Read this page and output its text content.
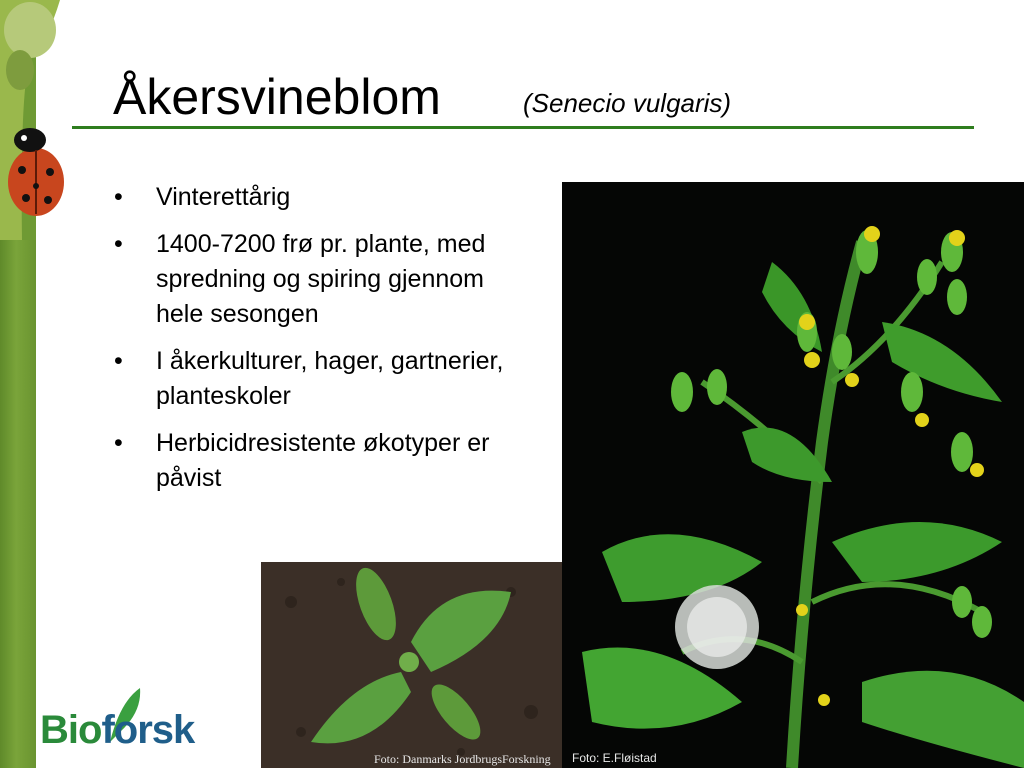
Åkersvineblom	(Senecio vulgaris)
• Vinterettårig
• 1400-7200 frø pr. plante, med spredning og spiring gjennom hele sesongen
• I åkerkulturer, hager, gartnerier, planteskoler
• Herbicidresistente økotyper er påvist
Foto: Danmarks JordbrugsForskning Foto: E.Fløistad
Bioforsk
